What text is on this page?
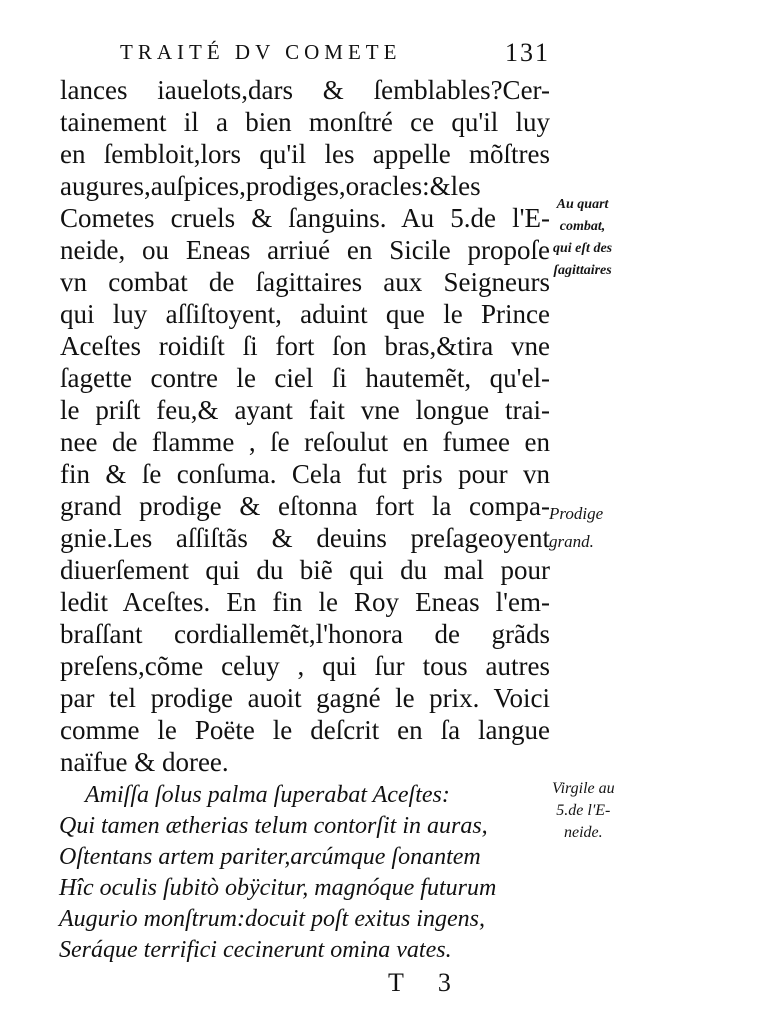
TRAITÉ DV COMETE	131
lances iauelots,dars & ſemblables?Cer-
tainement il a bien monſtré ce qu'il luy
en ſembloit,lors qu'il les appelle mõſtres
augures,auſpices,prodiges,oracles:&les
Cometes cruels & ſanguins. Au 5.de l'E-
neide, ou Eneas arriué en Sicile propoſe
vn combat de ſagittaires aux Seigneurs
qui luy aſſiſtoyent, aduint que le Prince
Aceſtes roidiſt ſi fort ſon bras,&tira vne
ſagette contre le ciel ſi hautemẽt, qu'el-
le priſt feu,& ayant fait vne longue trai-
nee de flamme , ſe reſoulut en fumee en
fin & ſe conſuma. Cela fut pris pour vn
grand prodige & eſtonna fort la compa-
gnie.Les aſſiſtãs & deuins preſageoyent
diuerſement qui du biẽ qui du mal pour
ledit Aceſtes. En fin le Roy Eneas l'em-
braſſant cordiallemẽt,l'honora de grãds
preſens,cõme celuy , qui ſur tous autres
par tel prodige auoit gagné le prix. Voici
comme le Poëte le deſcrit en ſa langue
naïfue & doree.
Amiſſa ſolus palma ſuperabat Aceſtes:
Qui tamen ætherias telum contorſit in auras,
Oſtentans artem pariter,arcúmque ſonantem
Hîc oculis ſubitò obÿcitur, magnóque futurum
Augurio monſtrum:docuit poſt exitus ingens,
Seráque terrifici cecinerunt omina vates.
Au quart
combat,
qui eſt des
ſagittaires
Prodige
grand.
Virgile au
5.de l'E-
neide.
T3
